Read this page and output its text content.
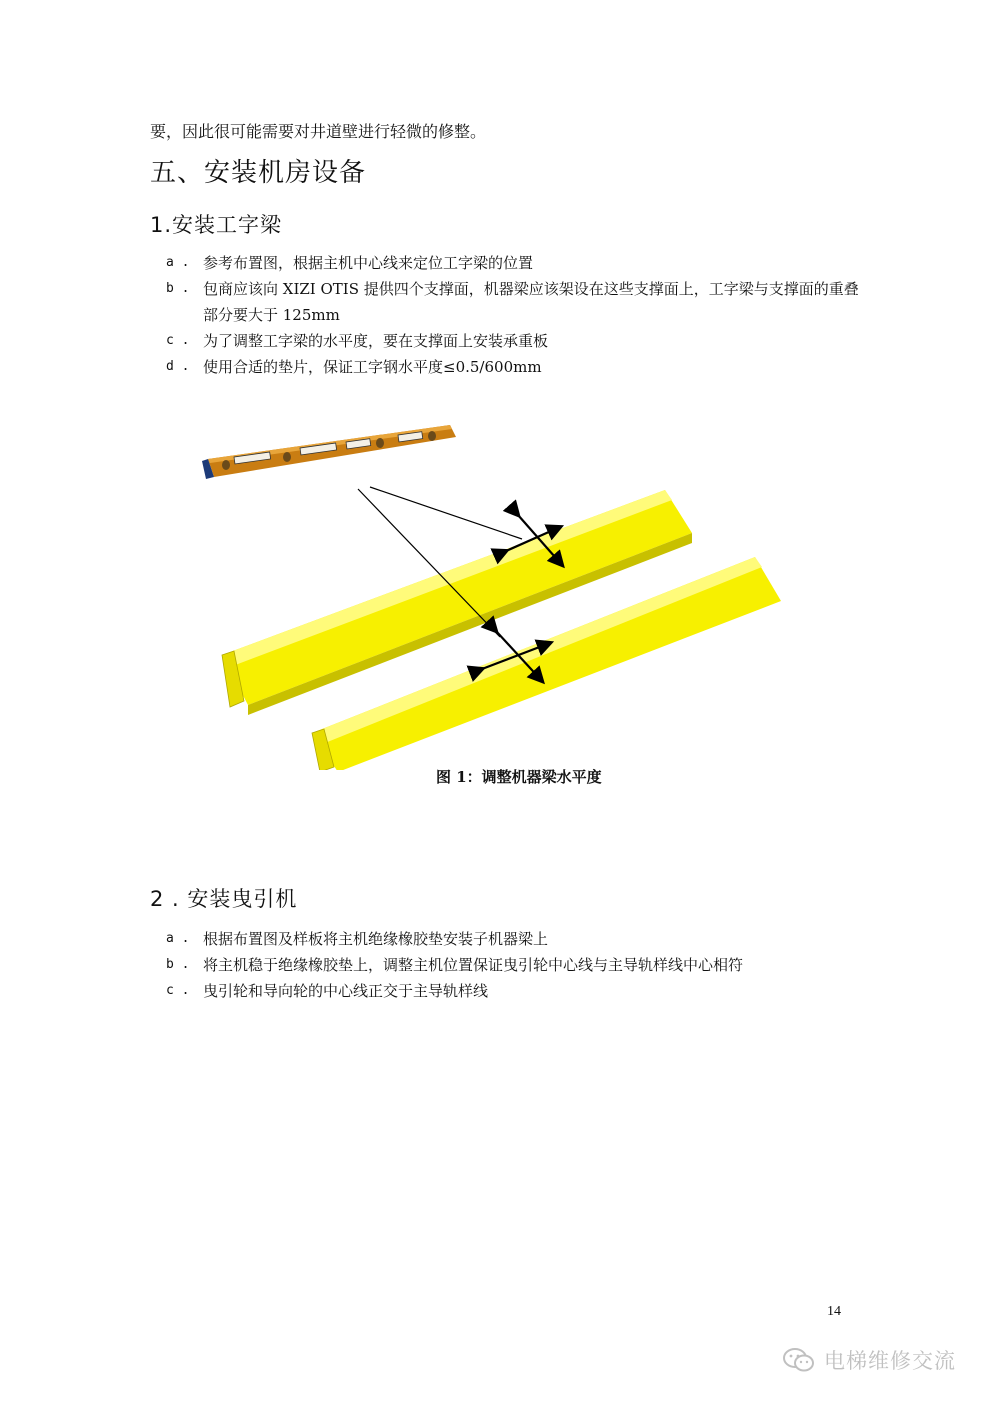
要，因此很可能需要对井道壁进行轻微的修整。
五、安装机房设备
1.安装工字梁
a . 参考布置图，根据主机中心线来定位工字梁的位置
b . 包商应该向 XIZI OTIS 提供四个支撑面，机器梁应该架设在这些支撑面上，工字梁与支撑面的重叠部分要大于 125mm
c . 为了调整工字梁的水平度，要在支撑面上安装承重板
d . 使用合适的垫片，保证工字钢水平度≤0.5/600mm
图 1：调整机器梁水平度
2 . 安装曳引机
a . 根据布置图及样板将主机绝缘橡胶垫安装子机器梁上
b . 将主机稳于绝缘橡胶垫上，调整主机位置保证曳引轮中心线与主导轨样线中心相符
c . 曳引轮和导向轮的中心线正交于主导轨样线
14
电梯维修交流
